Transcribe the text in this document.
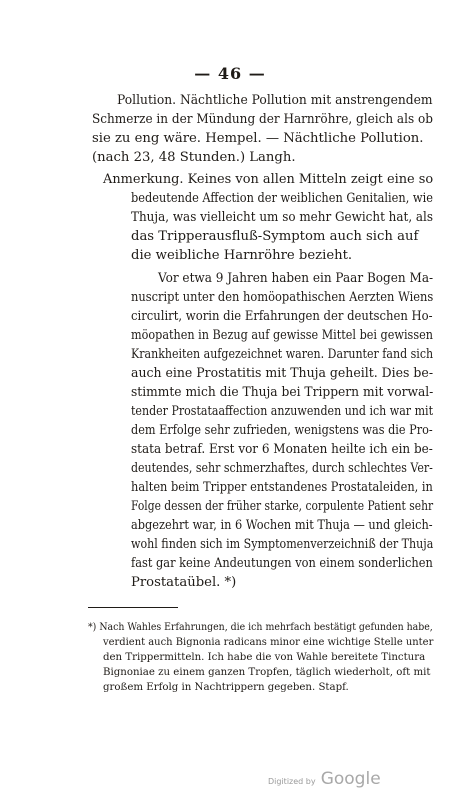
— 46 —
Pollution. Nächtliche Pollution mit anstrengendem
Schmerze in der Mündung der Harnröhre, gleich als ob
sie zu eng wäre. Hempel. — Nächtliche Pollution.
(nach 23, 48 Stunden.) Langh.
Anmerkung. Keines von allen Mitteln zeigt eine so
bedeutende Affection der weiblichen Genitalien, wie
Thuja, was vielleicht um so mehr Gewicht hat, als
das Tripperausfluß-Symptom auch sich auf
die weibliche Harnröhre bezieht.
Vor etwa 9 Jahren haben ein Paar Bogen Ma-
nuscript unter den homöopathischen Aerzten Wiens
circulirt, worin die Erfahrungen der deutschen Ho-
möopathen in Bezug auf gewisse Mittel bei gewissen
Krankheiten aufgezeichnet waren. Darunter fand sich
auch eine Prostatitis mit Thuja geheilt. Dies be-
stimmte mich die Thuja bei Trippern mit vorwal-
tender Prostataaffection anzuwenden und ich war mit
dem Erfolge sehr zufrieden, wenigstens was die Pro-
stata betraf. Erst vor 6 Monaten heilte ich ein be-
deutendes, sehr schmerzhaftes, durch schlechtes Ver-
halten beim Tripper entstandenes Prostataleiden, in
Folge dessen der früher starke, corpulente Patient sehr
abgezehrt war, in 6 Wochen mit Thuja — und gleich-
wohl finden sich im Symptomenverzeichniß der Thuja
fast gar keine Andeutungen von einem sonderlichen
Prostataübel. *)
*) Nach Wahles Erfahrungen, die ich mehrfach bestätigt gefunden habe,
verdient auch Bignonia radicans minor eine wichtige Stelle unter
den Trippermitteln. Ich habe die von Wahle bereitete Tinctura
Bignoniae zu einem ganzen Tropfen, täglich wiederholt, oft mit
großem Erfolg in Nachtrippern gegeben. Stapf.
Digitized by Google
